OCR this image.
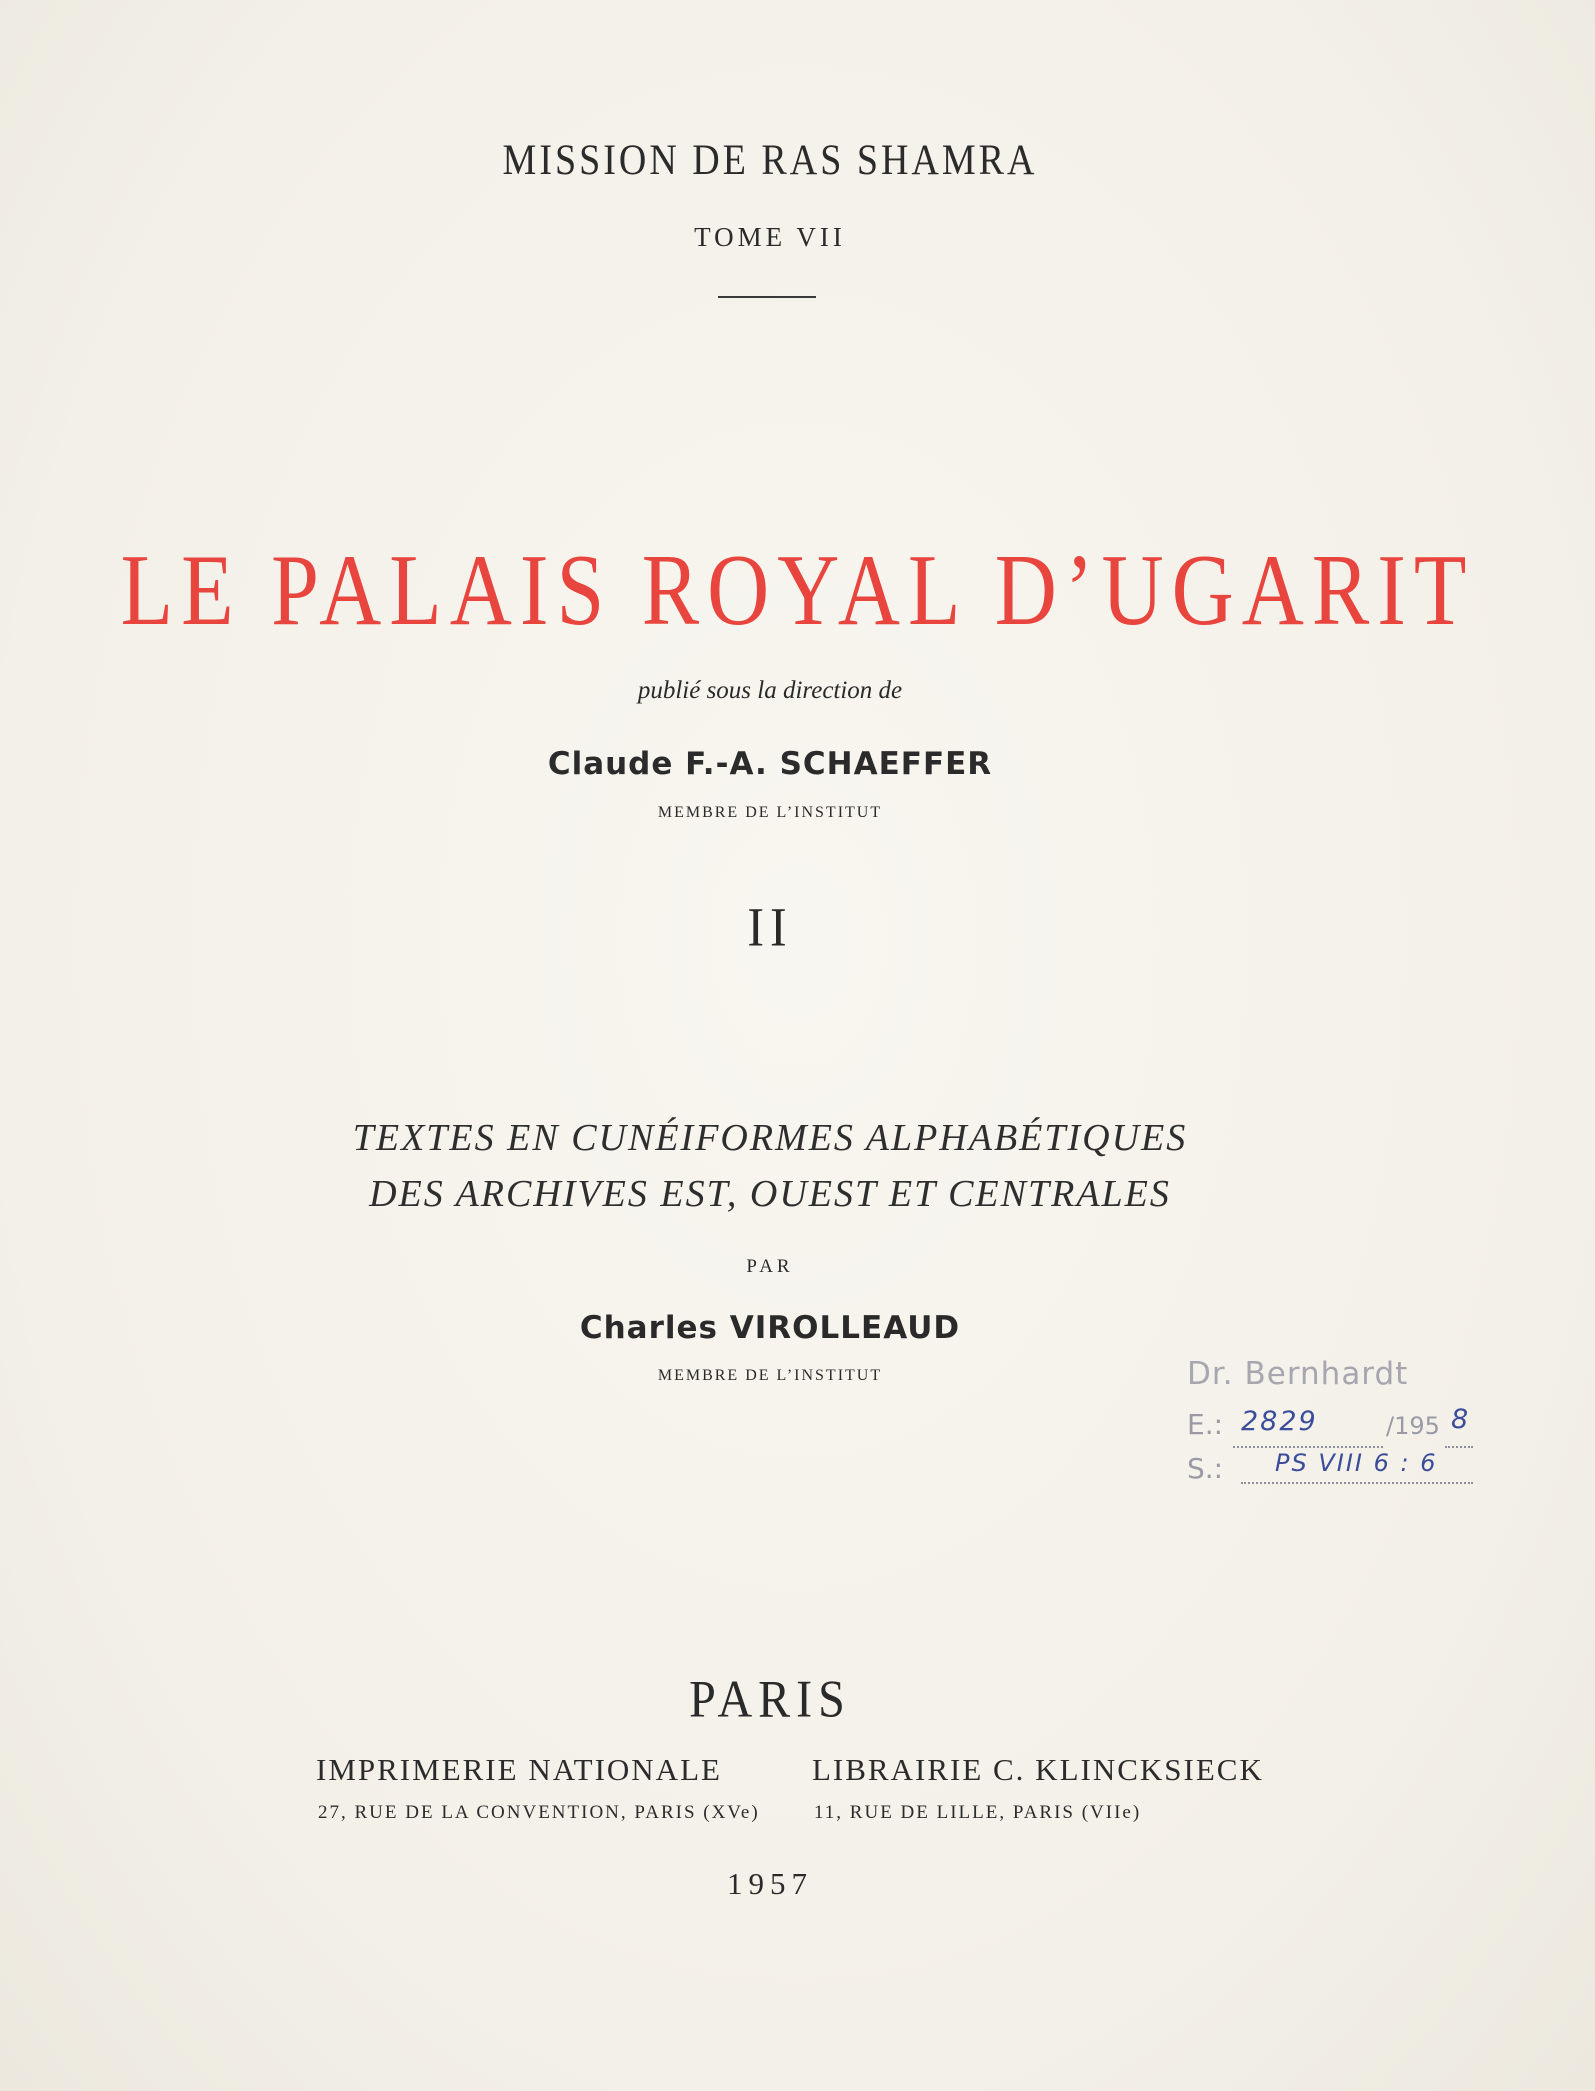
MISSION DE RAS SHAMRA
TOME VII
LE PALAIS ROYAL D’UGARIT
publié sous la direction de
Claude F.-A. SCHAEFFER
MEMBRE DE L’INSTITUT
II
TEXTES EN CUNÉIFORMES ALPHABÉTIQUES
DES ARCHIVES EST, OUEST ET CENTRALES
PAR
Charles VIROLLEAUD
MEMBRE DE L’INSTITUT	Dr. Bernhardt
E.: 2829	/195 8
S.: PS VIII 6 : 6
PARIS
IMPRIMERIE NATIONALE	LIBRAIRIE C. KLINCKSIECK
27, RUE DE LA CONVENTION, PARIS (XVe)	11, RUE DE LILLE, PARIS (VIIe)
1957
